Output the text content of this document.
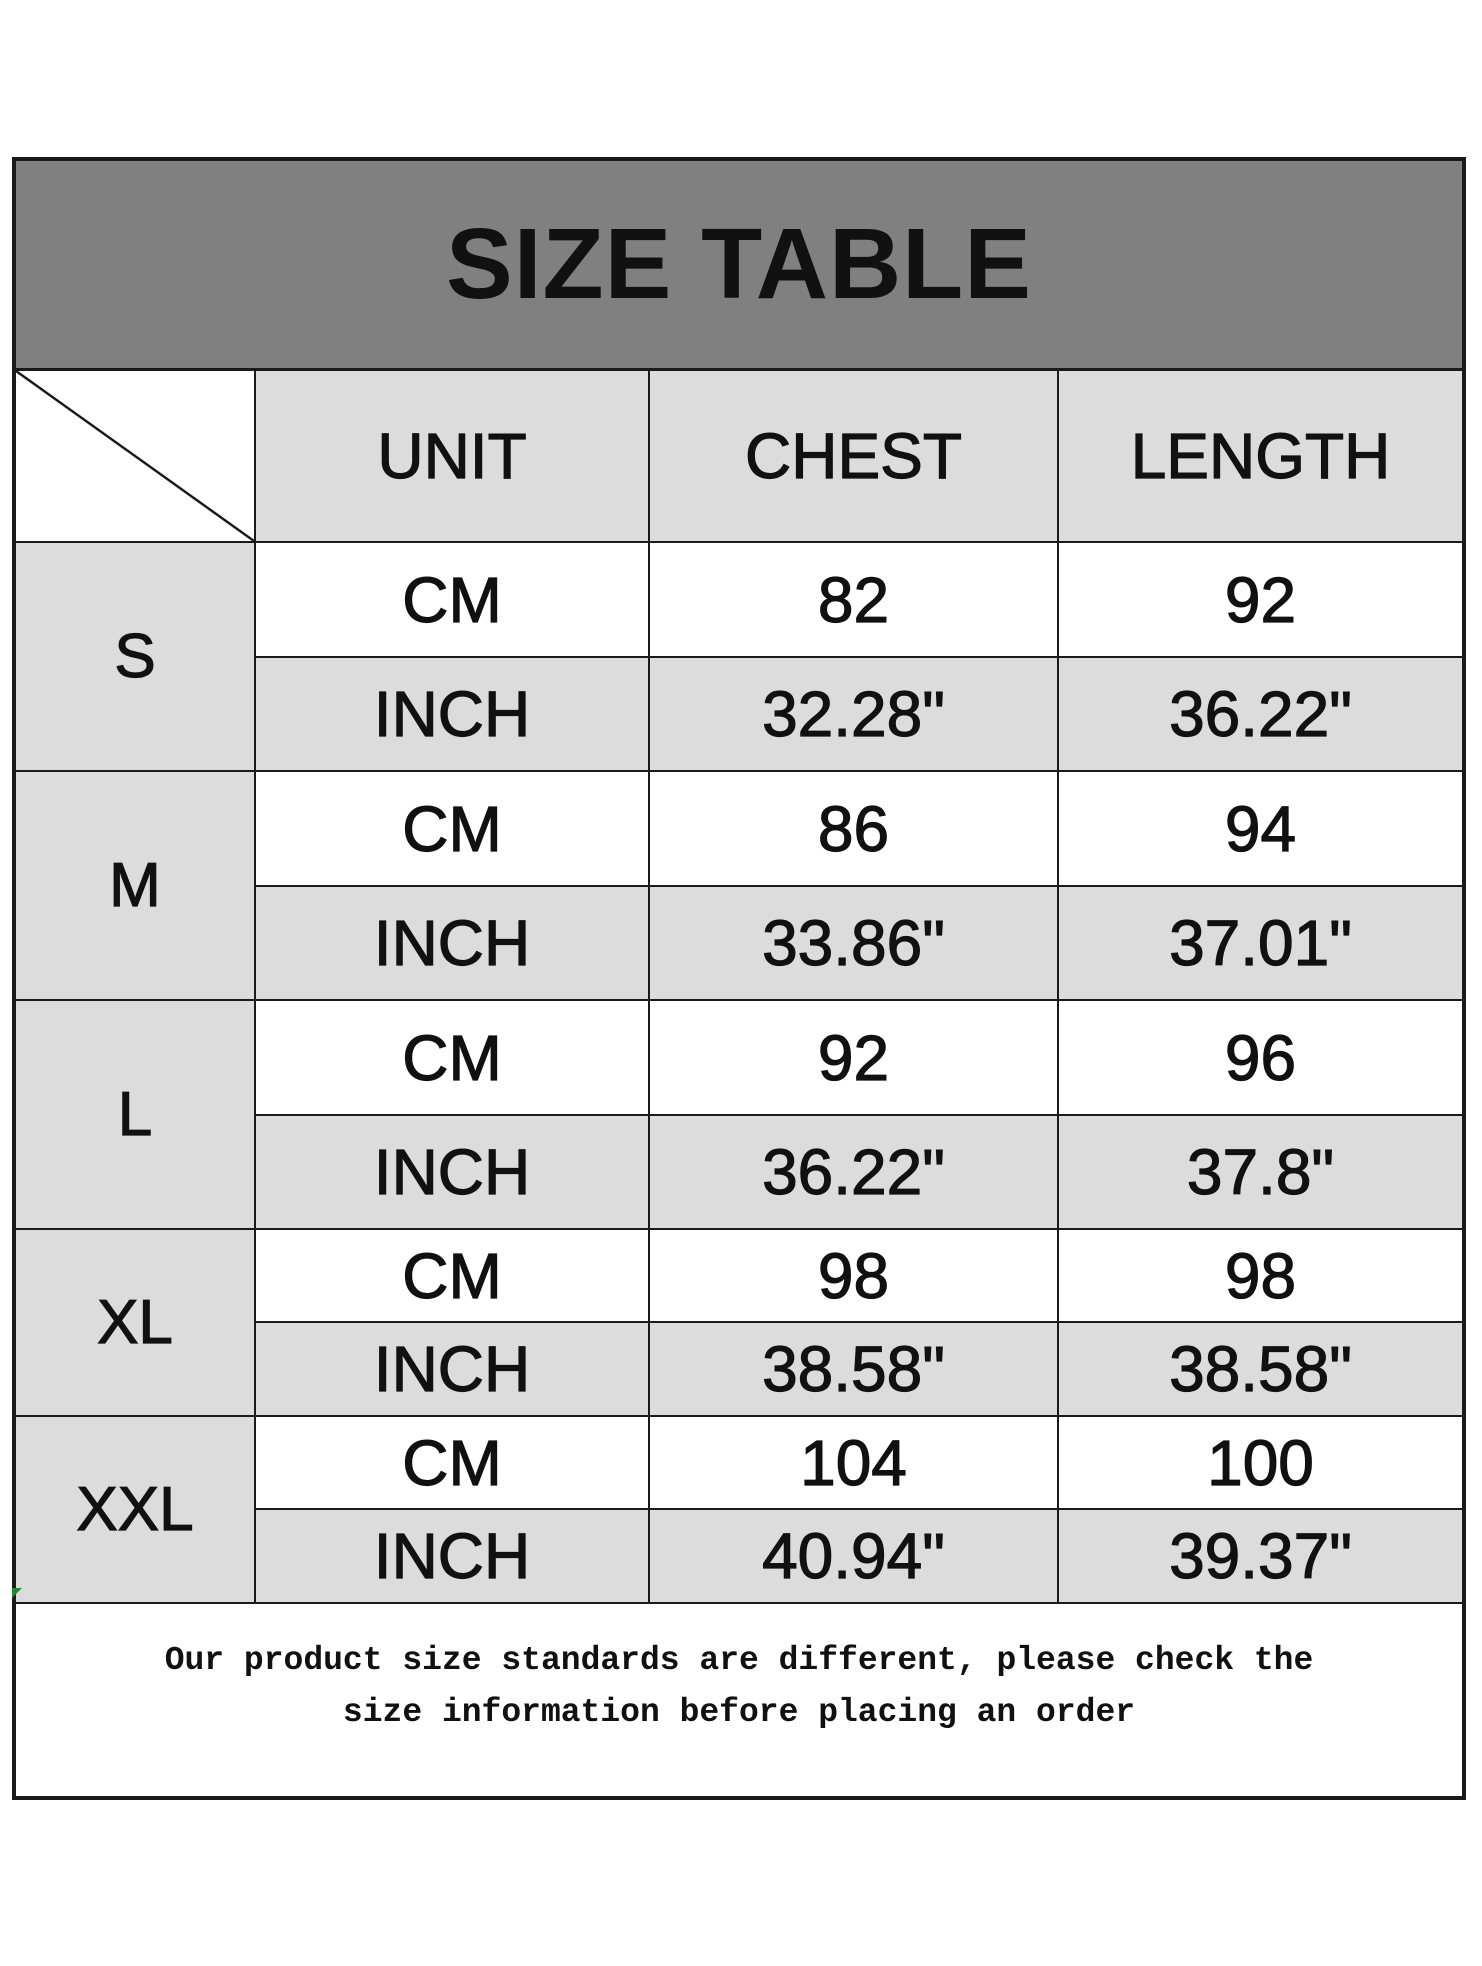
SIZE TABLE
UNIT	CHEST	LENGTH
S
CM	82	92
INCH	32.28"	36.22"
M
CM	86	94
INCH	33.86"	37.01"
L
CM	92	96
INCH	36.22"	37.8"
XL
CM	98	98
INCH	38.58"	38.58"
XXL
CM	104	100
INCH	40.94"	39.37"
Our product size standards are different, please check the
size information before placing an order
